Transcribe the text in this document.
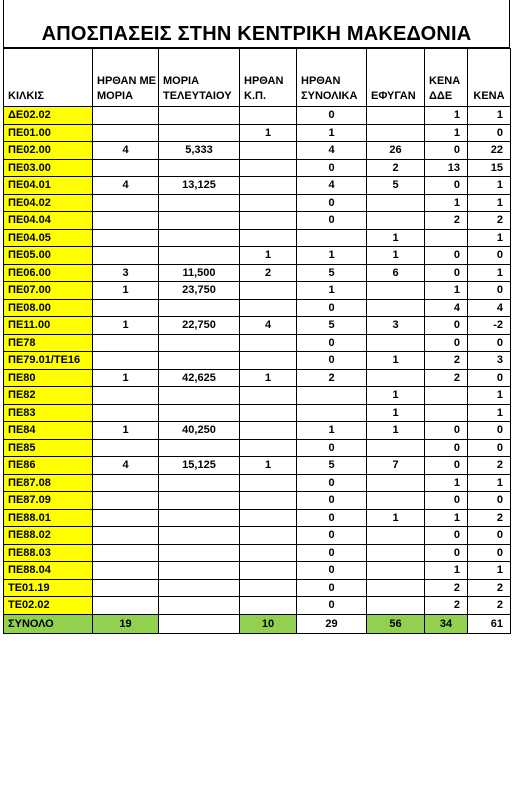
ΑΠΟΣΠΑΣΕΙΣ ΣΤΗΝ ΚΕΝΤΡΙΚΗ ΜΑΚΕΔΟΝΙΑ
ΚΙΛΚΙΣ	ΗΡΘΑΝ ΜΕ ΜΟΡΙΑ	ΜΟΡΙΑ ΤΕΛΕΥΤΑΙΟΥ	ΗΡΘΑΝ Κ.Π.	ΗΡΘΑΝ ΣΥΝΟΛΙΚΑ	ΕΦΥΓΑΝ	ΚΕΝΑ ΔΔΕ	ΚΕΝΑ
ΔΕ02.02				0		1	1
ΠΕ01.00			1	1		1	0
ΠΕ02.00	4	5,333		4	26	0	22
ΠΕ03.00				0	2	13	15
ΠΕ04.01	4	13,125		4	5	0	1
ΠΕ04.02				0		1	1
ΠΕ04.04				0		2	2
ΠΕ04.05					1		1
ΠΕ05.00			1	1	1	0	0
ΠΕ06.00	3	11,500	2	5	6	0	1
ΠΕ07.00	1	23,750		1		1	0
ΠΕ08.00				0		4	4
ΠΕ11.00	1	22,750	4	5	3	0	-2
ΠΕ78				0		0	0
ΠΕ79.01/ΤΕ16				0	1	2	3
ΠΕ80	1	42,625	1	2		2	0
ΠΕ82					1		1
ΠΕ83					1		1
ΠΕ84	1	40,250		1	1	0	0
ΠΕ85				0		0	0
ΠΕ86	4	15,125	1	5	7	0	2
ΠΕ87.08				0		1	1
ΠΕ87.09				0		0	0
ΠΕ88.01				0	1	1	2
ΠΕ88.02				0		0	0
ΠΕ88.03				0		0	0
ΠΕ88.04				0		1	1
ΤΕ01.19				0		2	2
ΤΕ02.02				0		2	2
ΣΥΝΟΛΟ	19		10	29	56	34	61
